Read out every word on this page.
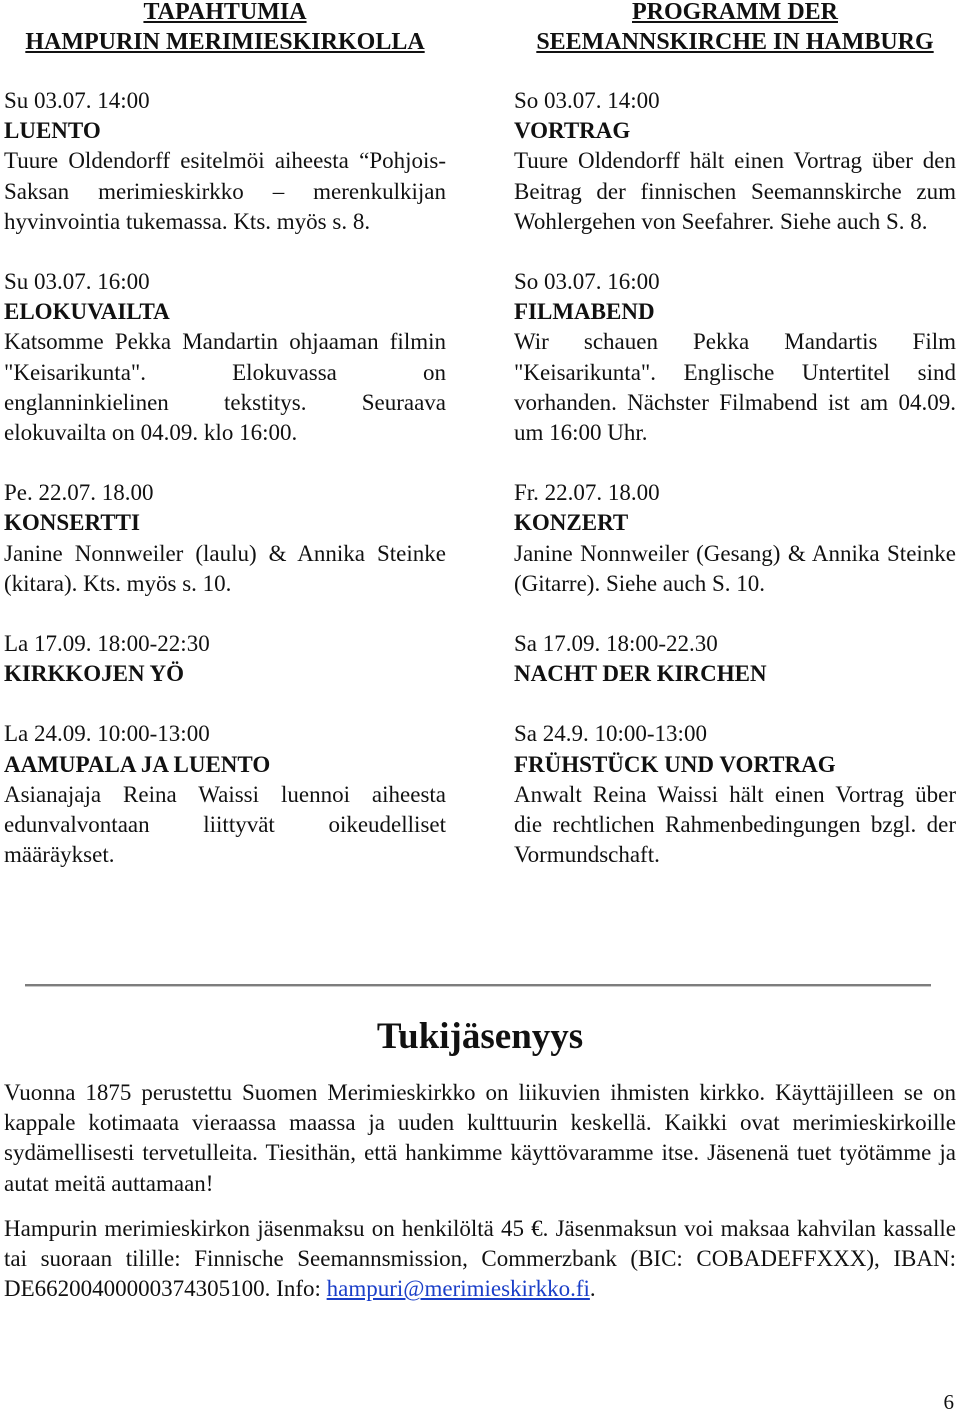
TAPAHTUMIA
HAMPURIN MERIMIESKIRKOLLA
Su 03.07. 14:00
LUENTO
Tuure Oldendorff esitelmöi aiheesta “Pohjois-Saksan merimieskirkko – merenkulkijan hyvinvointia tukemassa. Kts. myös s. 8.
Su 03.07. 16:00
ELOKUVAILTA
Katsomme Pekka Mandartin ohjaaman filmin "Keisarikunta". Elokuvassa on englanninkielinen tekstitys. Seuraava elokuvailta on 04.09. klo 16:00.
Pe. 22.07. 18.00
KONSERTTI
Janine Nonnweiler (laulu) & Annika Steinke (kitara). Kts. myös s. 10.
La 17.09. 18:00-22:30
KIRKKOJEN YÖ
La 24.09. 10:00-13:00
AAMUPALA JA LUENTO
Asianajaja Reina Waissi luennoi aiheesta edunvalvontaan liittyvät oikeudelliset määräykset.
PROGRAMM DER
SEEMANNSKIRCHE IN HAMBURG
So 03.07. 14:00
VORTRAG
Tuure Oldendorff hält einen Vortrag über den Beitrag der finnischen Seemannskirche zum Wohlergehen von Seefahrer. Siehe auch S. 8.
So 03.07. 16:00
FILMABEND
Wir schauen Pekka Mandartis Film "Keisarikunta". Englische Untertitel sind vorhanden. Nächster Filmabend ist am 04.09. um 16:00 Uhr.
Fr. 22.07. 18.00
KONZERT
Janine Nonnweiler (Gesang) & Annika Steinke (Gitarre). Siehe auch S. 10.
Sa 17.09. 18:00-22.30
NACHT DER KIRCHEN
Sa 24.9. 10:00-13:00
FRÜHSTÜCK UND VORTRAG
Anwalt Reina Waissi hält einen Vortrag über die rechtlichen Rahmenbedingungen bzgl. der Vormundschaft.
Tukijäsenyys

Vuonna 1875 perustettu Suomen Merimieskirkko on liikuvien ihmisten kirkko. Käyttäjilleen se on kappale kotimaata vieraassa maassa ja uuden kulttuurin keskellä. Kaikki ovat merimieskirkoille sydämellisesti tervetulleita. Tiesithän, että hankimme käyttövaramme itse. Jäsenenä tuet työtämme ja autat meitä auttamaan!

Hampurin merimieskirkon jäsenmaksu on henkilöltä 45 €. Jäsenmaksun voi maksaa kahvilan kassalle tai suoraan tilille: Finnische Seemannsmission, Commerzbank (BIC: COBADEFFXXX), IBAN: DE66200400000374305100. Info: hampuri@merimieskirkko.fi.

6
